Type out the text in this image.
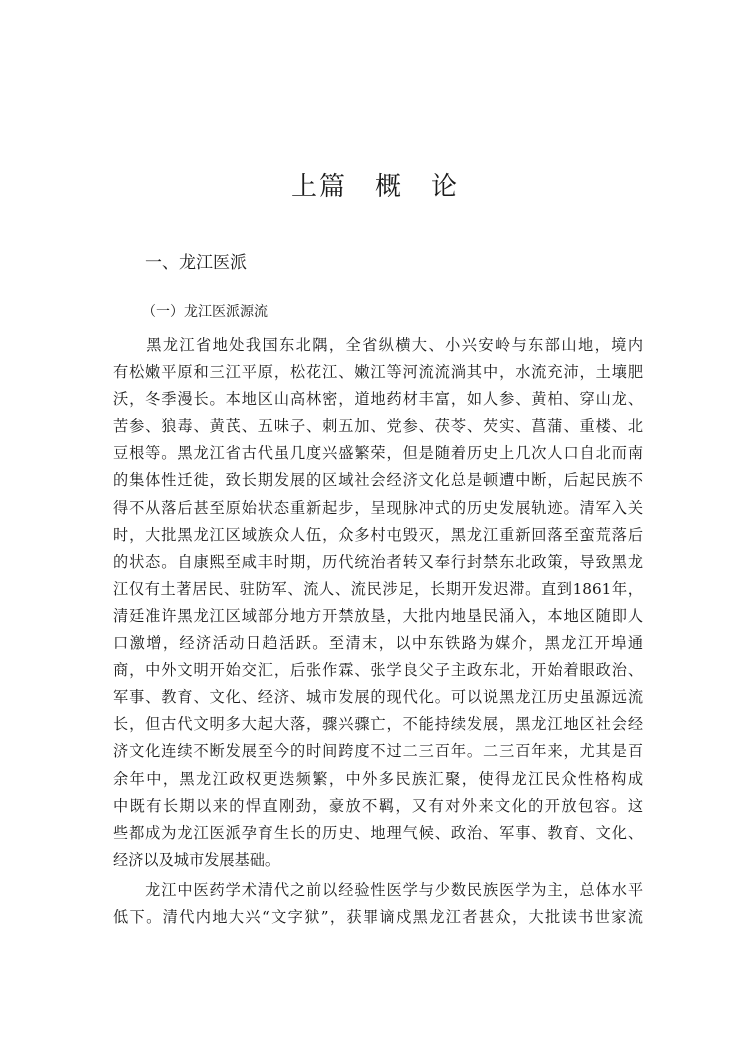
上篇　概　论
一、龙江医派
（一）龙江医派源流
　　黑龙江省地处我国东北隅，全省纵横大、小兴安岭与东部山地，境内
有松嫩平原和三江平原，松花江、嫩江等河流流淌其中，水流充沛，土壤肥
沃，冬季漫长。本地区山高林密，道地药材丰富，如人参、黄柏、穿山龙、
苦参、狼毒、黄芪、五味子、刺五加、党参、茯苓、芡实、菖蒲、重楼、北
豆根等。黑龙江省古代虽几度兴盛繁荣，但是随着历史上几次人口自北而南
的集体性迁徙，致长期发展的区域社会经济文化总是顿遭中断，后起民族不
得不从落后甚至原始状态重新起步，呈现脉冲式的历史发展轨迹。清军入关
时，大批黑龙江区域族众人伍，众多村屯毁灭，黑龙江重新回落至蛮荒落后
的状态。自康熙至咸丰时期，历代统治者转又奉行封禁东北政策，导致黑龙
江仅有土著居民、驻防军、流人、流民涉足，长期开发迟滞。直到1861年，
清廷准许黑龙江区域部分地方开禁放垦，大批内地垦民涌入，本地区随即人
口激增，经济活动日趋活跃。至清末，以中东铁路为媒介，黑龙江开埠通
商，中外文明开始交汇，后张作霖、张学良父子主政东北，开始着眼政治、
军事、教育、文化、经济、城市发展的现代化。可以说黑龙江历史虽源远流
长，但古代文明多大起大落，骤兴骤亡，不能持续发展，黑龙江地区社会经
济文化连续不断发展至今的时间跨度不过二三百年。二三百年来，尤其是百
余年中，黑龙江政权更迭频繁，中外多民族汇聚，使得龙江民众性格构成
中既有长期以来的悍直刚劲，豪放不羁，又有对外来文化的开放包容。这
些都成为龙江医派孕育生长的历史、地理气候、政治、军事、教育、文化、
经济以及城市发展基础。
　　龙江中医药学术清代之前以经验性医学与少数民族医学为主，总体水平
低下。清代内地大兴“文字狱”，获罪谪戍黑龙江者甚众，大批读书世家流
